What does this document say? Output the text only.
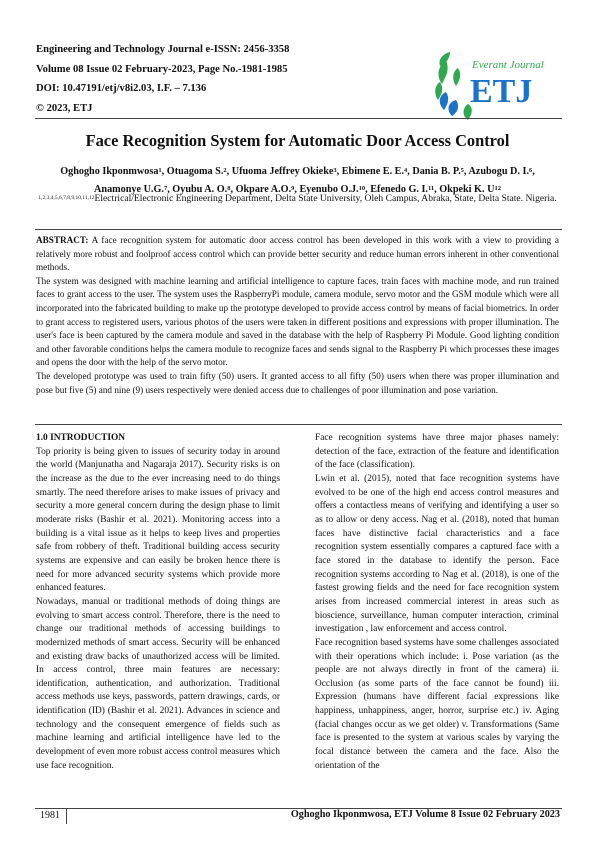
Engineering and Technology Journal e-ISSN: 2456-3358
Volume 08 Issue 02 February-2023, Page No.-1981-1985
DOI: 10.47191/etj/v8i2.03, I.F. – 7.136
© 2023, ETJ
Everant Journal
ETJ
Face Recognition System for Automatic Door Access Control
Oghogho Ikponmwosa$^1$, Otuagoma S.$^2$, Ufuoma Jeffrey Okieke$^3$, Ebimene E. E.$^4$, Dania B. P.$^5$, Azubogu D. I.$^6$, Anamonye U.G.$^7$, Oyubu A. O.$^8$, Okpare A.O.$^9$, Eyenubo O.J.$^{10}$, Efenedo G. I.$^{11}$, Okpeki K. $U^{12}$
$^{1,2,3,4,5,6,7,8,9,10,11,12}$Electrical/Electronic Engineering Department, Delta State University, Oleh Campus, Abraka, State, Delta State. Nigeria.

ABSTRACT: A face recognition system for automatic door access control has been developed in this work with a view to providing a relatively more robust and foolproof access control which can provide better security and reduce human errors inherent in other conventional methods.

The system was designed with machine learning and artificial intelligence to capture faces, train faces with machine mode, and run trained faces to grant access to the user. The system uses the RaspberryPi module, camera module, servo motor and the GSM module which were all incorporated into the fabricated building to make up the prototype developed to provide access control by means of facial biometrics. In order to grant access to registered users, various photos of the users were taken in different positions and expressions with proper illumination. The user's face is been captured by the camera module and saved in the database with the help of Raspberry Pi Module. Good lighting condition and other favorable conditions helps the camera module to recognize faces and sends signal to the Raspberry Pi which processes these images and opens the door with the help of the servo motor.

The developed prototype was used to train fifty (50) users. It granted access to all fifty (50) users when there was proper illumination and pose but five (5) and nine (9) users respectively were denied access due to challenges of poor illumination and pose variation.

1.0 INTRODUCTION

Top priority is being given to issues of security today in around the world (Manjunatha and Nagaraja 2017). Security risks is on the increase as the due to the ever increasing need to do things smartly. The need therefore arises to make issues of privacy and security a more general concern during the design phase to limit moderate risks (Bashir et al. 2021). Monitoring access into a building is a vital issue as it helps to keep lives and properties safe from robbery of theft. Traditional building access security systems are expensive and can easily be broken hence there is need for more advanced security systems which provide more enhanced features.

Nowadays, manual or traditional methods of doing things are evolving to smart access control. Therefore, there is the need to change our traditional methods of accessing buildings to modernized methods of smart access. Security will be enhanced and existing draw backs of unauthorized access will be limited. In access control, three main features are necessary: identification, authentication, and authorization. Traditional access methods use keys, passwords, pattern drawings, cards, or identification (ID) (Bashir et al. 2021). Advances in science and technology and the consequent emergence of fields such as machine learning and artificial intelligence have led to the development of even more robust access control measures which use face recognition.

Face recognition systems have three major phases namely: detection of the face, extraction of the feature and identification of the face (classification).

Lwin et al. (2015), noted that face recognition systems have evolved to be one of the high end access control measures and offers a contactless means of verifying and identifying a user so as to allow or deny access. Nag et al. (2018), noted that human faces have distinctive facial characteristics and a face recognition system essentially compares a captured face with a face stored in the database to identify the person. Face recognition systems according to Nag et al. (2018), is one of the fastest growing fields and the need for face recognition system arises from increased commercial interest in areas such as bioscience, surveillance, human computer interaction, criminal investigation , law enforcement and access control.

Face recognition based systems have some challenges associated with their operations which include: i. Pose variation (as the people are not always directly in front of the camera) ii. Occlusion (as some parts of the face cannot be found) iii. Expression (humans have different facial expressions like happiness, unhappiness, anger, horror, surprise etc.) iv. Aging (facial changes occur as we get older) v. Transformations (Same face is presented to the system at various scales by varying the focal distance between the camera and the face. Also the orientation of the

1981	Oghogho Ikponmwosa, ETJ Volume 8 Issue 02 February 2023
